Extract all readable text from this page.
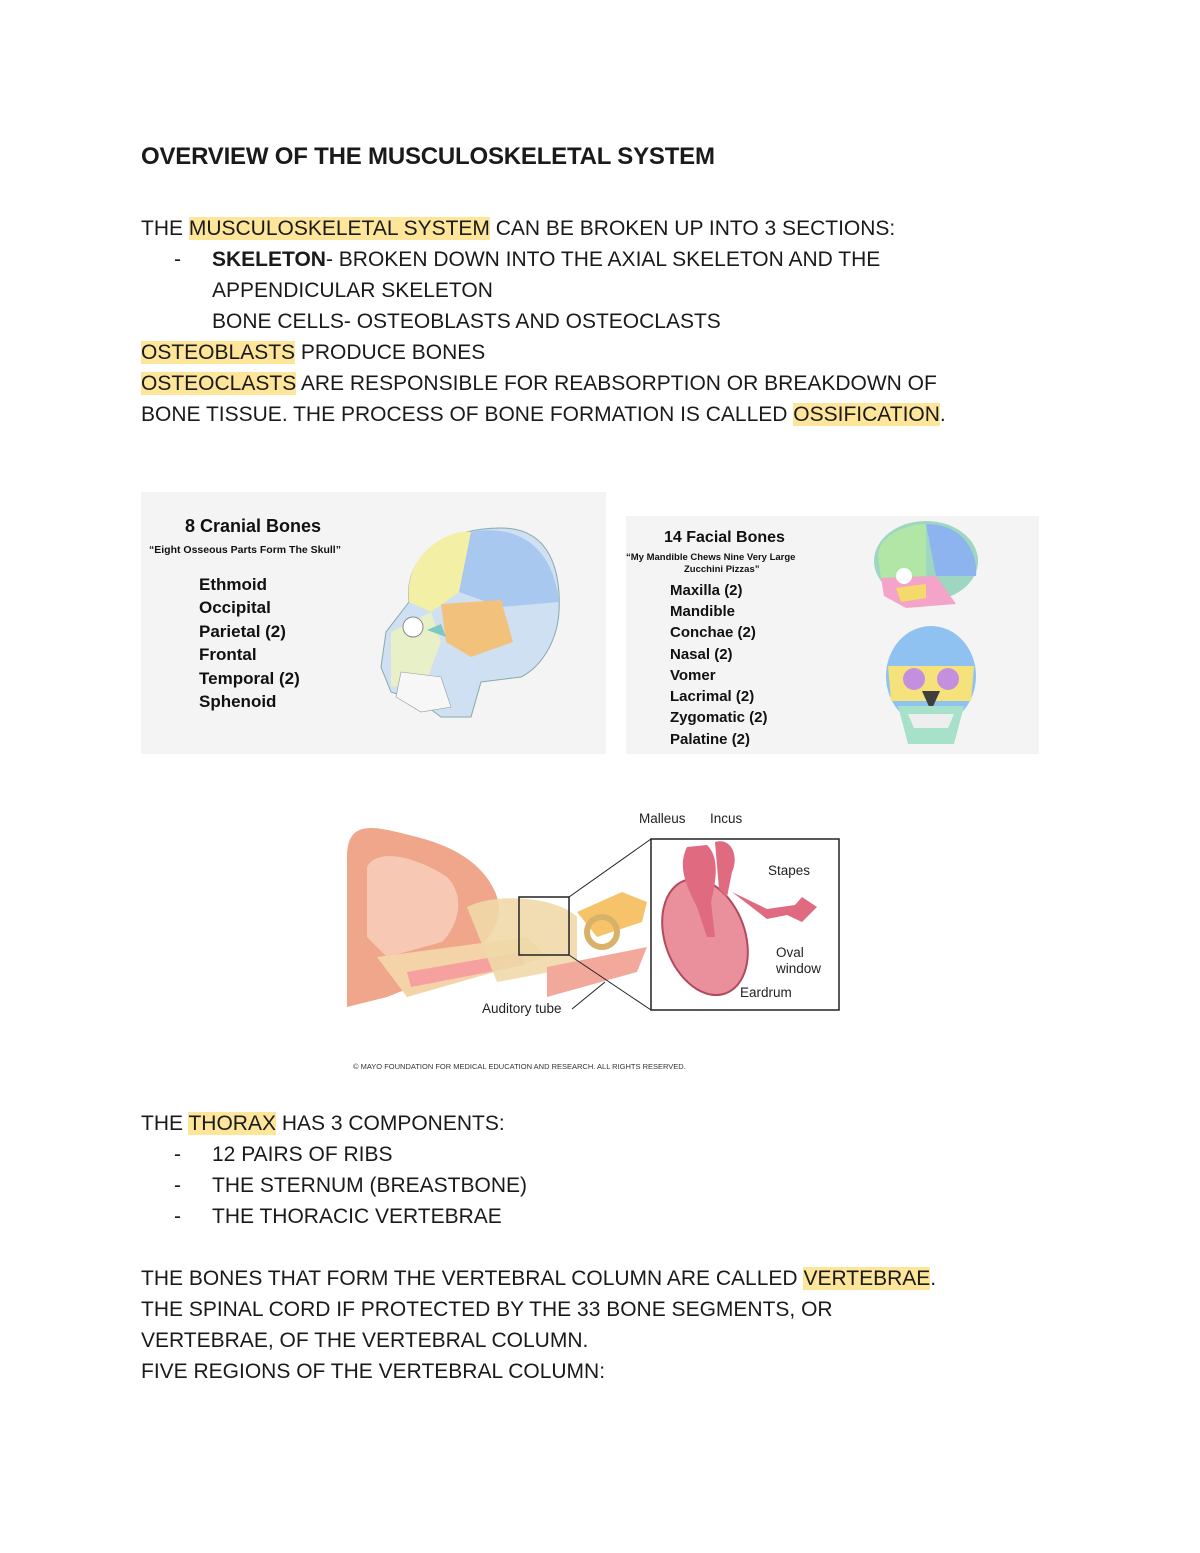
OVERVIEW OF THE MUSCULOSKELETAL SYSTEM

THE MUSCULOSKELETAL SYSTEM CAN BE BROKEN UP INTO 3 SECTIONS:

- SKELETON- BROKEN DOWN INTO THE AXIAL SKELETON AND THE
APPENDICULAR SKELETON
BONE CELLS- OSTEOBLASTS AND OSTEOCLASTS

OSTEOBLASTS PRODUCE BONES

OSTEOCLASTS ARE RESPONSIBLE FOR REABSORPTION OR BREAKDOWN OF

BONE TISSUE. THE PROCESS OF BONE FORMATION IS CALLED OSSIFICATION.

8 Cranial Bones
“Eight Osseous Parts Form The Skull”
Ethmoid
Occipital
Parietal (2)
Frontal
Temporal (2)
Sphenoid
14 Facial Bones
“My Mandible Chews Nine Very Large
Zucchini Pizzas”
Maxilla (2)
Mandible
Conchae (2)
Nasal (2)
Vomer
Lacrimal (2)
Zygomatic (2)
Palatine (2)
Malleus Incus
Stapes
Oval
window
Eardrum
Auditory tube
© MAYO FOUNDATION FOR MEDICAL EDUCATION AND RESEARCH. ALL RIGHTS RESERVED.

THE THORAX HAS 3 COMPONENTS:

- 12 PAIRS OF RIBS
- THE STERNUM (BREASTBONE)
- THE THORACIC VERTEBRAE

THE BONES THAT FORM THE VERTEBRAL COLUMN ARE CALLED VERTEBRAE.

THE SPINAL CORD IF PROTECTED BY THE 33 BONE SEGMENTS, OR

VERTEBRAE, OF THE VERTEBRAL COLUMN.

FIVE REGIONS OF THE VERTEBRAL COLUMN:
